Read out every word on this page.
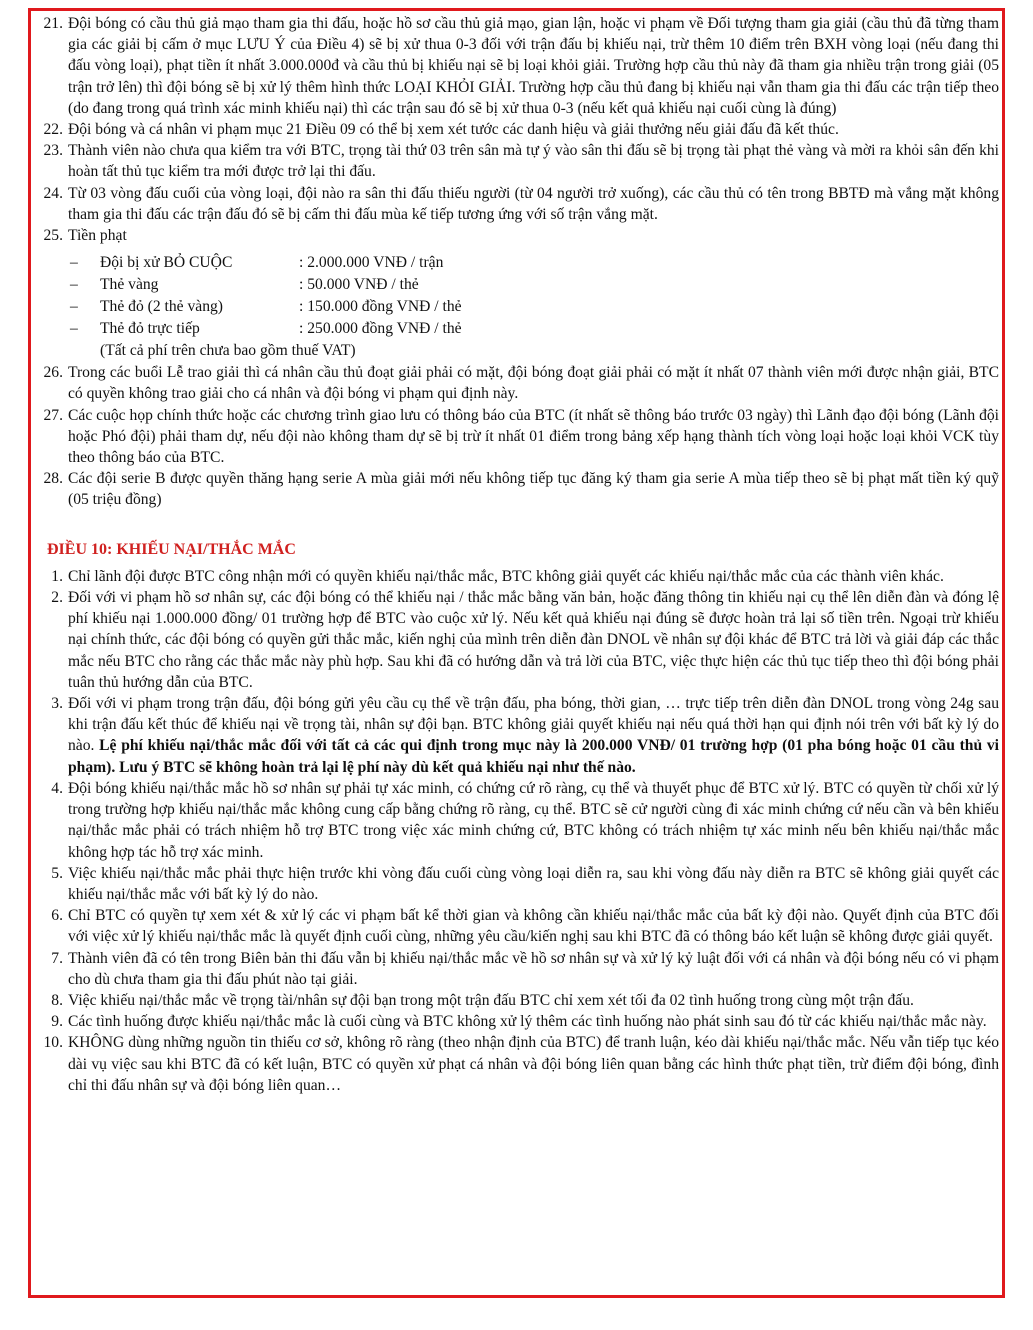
21. Đội bóng có cầu thủ giả mạo tham gia thi đấu, hoặc hồ sơ cầu thủ giả mạo, gian lận, hoặc vi phạm về Đối tượng tham gia giải (cầu thủ đã từng tham gia các giải bị cấm ở mục LƯU Ý của Điều 4) sẽ bị xử thua 0-3 đối với trận đấu bị khiếu nại, trừ thêm 10 điểm trên BXH vòng loại (nếu đang thi đấu vòng loại), phạt tiền ít nhất 3.000.000đ và cầu thủ bị khiếu nại sẽ bị loại khỏi giải. Trường hợp cầu thủ này đã tham gia nhiều trận trong giải (05 trận trở lên) thì đội bóng sẽ bị xử lý thêm hình thức LOẠI KHỎI GIẢI. Trường hợp cầu thủ đang bị khiếu nại vẫn tham gia thi đấu các trận tiếp theo (do đang trong quá trình xác minh khiếu nại) thì các trận sau đó sẽ bị xử thua 0-3 (nếu kết quả khiếu nại cuối cùng là đúng)
22. Đội bóng và cá nhân vi phạm mục 21 Điều 09 có thể bị xem xét tước các danh hiệu và giải thưởng nếu giải đấu đã kết thúc.
23. Thành viên nào chưa qua kiểm tra với BTC, trọng tài thứ 03 trên sân mà tự ý vào sân thi đấu sẽ bị trọng tài phạt thẻ vàng và mời ra khỏi sân đến khi hoàn tất thủ tục kiểm tra mới được trở lại thi đấu.
24. Từ 03 vòng đấu cuối của vòng loại, đội nào ra sân thi đấu thiếu người (từ 04 người trở xuống), các cầu thủ có tên trong BBTĐ mà vắng mặt không tham gia thi đấu các trận đấu đó sẽ bị cấm thi đấu mùa kế tiếp tương ứng với số trận vắng mặt.
25. Tiền phạt
– Đội bị xử BỎ CUỘC	: 2.000.000 VNĐ / trận
– Thẻ vàng	: 50.000 VNĐ / thẻ
– Thẻ đỏ (2 thẻ vàng)	: 150.000 đồng VNĐ / thẻ
– Thẻ đỏ trực tiếp	: 250.000 đồng VNĐ / thẻ
(Tất cả phí trên chưa bao gồm thuế VAT)
26. Trong các buổi Lễ trao giải thì cá nhân cầu thủ đoạt giải phải có mặt, đội bóng đoạt giải phải có mặt ít nhất 07 thành viên mới được nhận giải, BTC có quyền không trao giải cho cá nhân và đội bóng vi phạm qui định này.
27. Các cuộc họp chính thức hoặc các chương trình giao lưu có thông báo của BTC (ít nhất sẽ thông báo trước 03 ngày) thì Lãnh đạo đội bóng (Lãnh đội hoặc Phó đội) phải tham dự, nếu đội nào không tham dự sẽ bị trừ ít nhất 01 điểm trong bảng xếp hạng thành tích vòng loại hoặc loại khỏi VCK tùy theo thông báo của BTC.
28. Các đội serie B được quyền thăng hạng serie A mùa giải mới nếu không tiếp tục đăng ký tham gia serie A mùa tiếp theo sẽ bị phạt mất tiền ký quỹ (05 triệu đồng)
ĐIỀU 10: KHIẾU NẠI/THẮC MẮC
1. Chỉ lãnh đội được BTC công nhận mới có quyền khiếu nại/thắc mắc, BTC không giải quyết các khiếu nại/thắc mắc của các thành viên khác.
2. Đối với vi phạm hồ sơ nhân sự, các đội bóng có thể khiếu nại / thắc mắc bằng văn bản, hoặc đăng thông tin khiếu nại cụ thể lên diễn đàn và đóng lệ phí khiếu nại 1.000.000 đồng/ 01 trường hợp để BTC vào cuộc xử lý. Nếu kết quả khiếu nại đúng sẽ được hoàn trả lại số tiền trên. Ngoại trừ khiếu nại chính thức, các đội bóng có quyền gửi thắc mắc, kiến nghị của mình trên diễn đàn DNOL về nhân sự đội khác để BTC trả lời và giải đáp các thắc mắc nếu BTC cho rằng các thắc mắc này phù hợp. Sau khi đã có hướng dẫn và trả lời của BTC, việc thực hiện các thủ tục tiếp theo thì đội bóng phải tuân thủ hướng dẫn của BTC.
3. Đối với vi phạm trong trận đấu, đội bóng gửi yêu cầu cụ thể về trận đấu, pha bóng, thời gian, … trực tiếp trên diễn đàn DNOL trong vòng 24g sau khi trận đấu kết thúc để khiếu nại về trọng tài, nhân sự đội bạn. BTC không giải quyết khiếu nại nếu quá thời hạn qui định nói trên với bất kỳ lý do nào. Lệ phí khiếu nại/thắc mắc đối với tất cả các qui định trong mục này là 200.000 VNĐ/ 01 trường hợp (01 pha bóng hoặc 01 cầu thủ vi phạm). Lưu ý BTC sẽ không hoàn trả lại lệ phí này dù kết quả khiếu nại như thế nào.
4. Đội bóng khiếu nại/thắc mắc hồ sơ nhân sự phải tự xác minh, có chứng cứ rõ ràng, cụ thể và thuyết phục để BTC xử lý. BTC có quyền từ chối xử lý trong trường hợp khiếu nại/thắc mắc không cung cấp bằng chứng rõ ràng, cụ thể. BTC sẽ cử người cùng đi xác minh chứng cứ nếu cần và bên khiếu nại/thắc mắc phải có trách nhiệm hỗ trợ BTC trong việc xác minh chứng cứ, BTC không có trách nhiệm tự xác minh nếu bên khiếu nại/thắc mắc không hợp tác hỗ trợ xác minh.
5. Việc khiếu nại/thắc mắc phải thực hiện trước khi vòng đấu cuối cùng vòng loại diễn ra, sau khi vòng đấu này diễn ra BTC sẽ không giải quyết các khiếu nại/thắc mắc với bất kỳ lý do nào.
6. Chỉ BTC có quyền tự xem xét & xử lý các vi phạm bất kể thời gian và không cần khiếu nại/thắc mắc của bất kỳ đội nào. Quyết định của BTC đối với việc xử lý khiếu nại/thắc mắc là quyết định cuối cùng, những yêu cầu/kiến nghị sau khi BTC đã có thông báo kết luận sẽ không được giải quyết.
7. Thành viên đã có tên trong Biên bản thi đấu vẫn bị khiếu nại/thắc mắc về hồ sơ nhân sự và xử lý kỷ luật đối với cá nhân và đội bóng nếu có vi phạm cho dù chưa tham gia thi đấu phút nào tại giải.
8. Việc khiếu nại/thắc mắc về trọng tài/nhân sự đội bạn trong một trận đấu BTC chỉ xem xét tối đa 02 tình huống trong cùng một trận đấu.
9. Các tình huống được khiếu nại/thắc mắc là cuối cùng và BTC không xử lý thêm các tình huống nào phát sinh sau đó từ các khiếu nại/thắc mắc này.
10. KHÔNG dùng những nguồn tin thiếu cơ sở, không rõ ràng (theo nhận định của BTC) để tranh luận, kéo dài khiếu nại/thắc mắc. Nếu vẫn tiếp tục kéo dài vụ việc sau khi BTC đã có kết luận, BTC có quyền xử phạt cá nhân và đội bóng liên quan bằng các hình thức phạt tiền, trừ điểm đội bóng, đình chỉ thi đấu nhân sự và đội bóng liên quan…
